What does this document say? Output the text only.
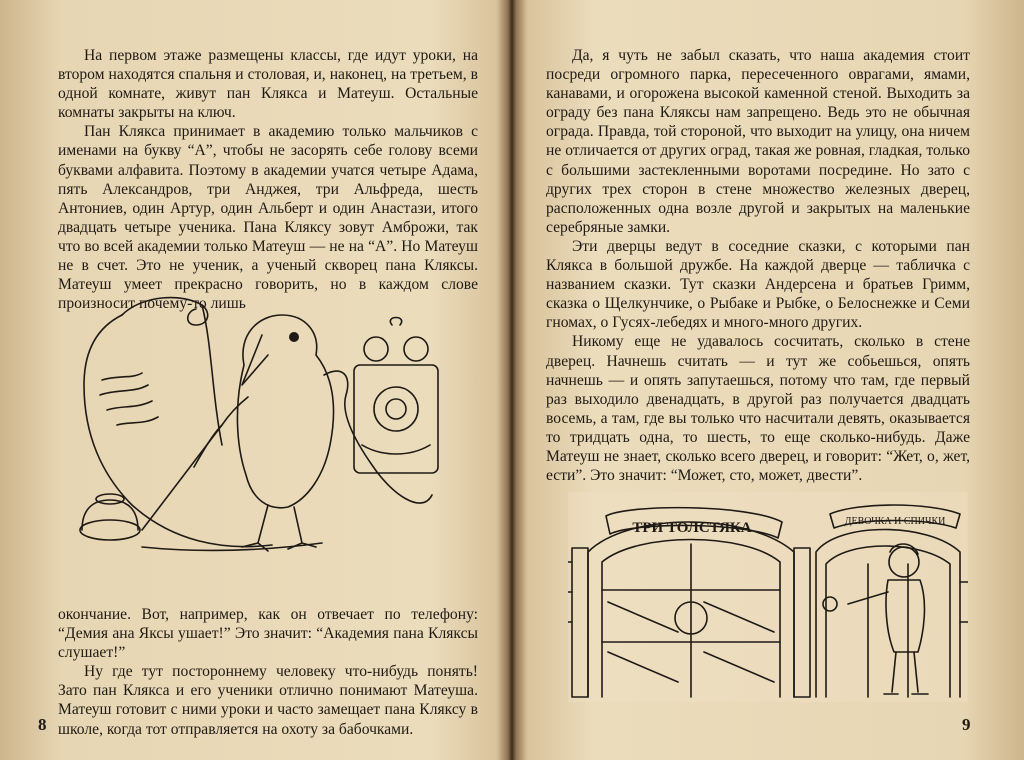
На первом этаже размещены классы, где идут уроки, на втором находятся спальня и столовая, и, наконец, на третьем, в одной комнате, живут пан Клякса и Матеуш. Остальные комнаты закрыты на ключ.

Пан Клякса принимает в академию только мальчиков с именами на букву “А”, чтобы не засорять себе голову всеми буквами алфавита. Поэтому в академии учатся четыре Адама, пять Александров, три Анджея, три Альфреда, шесть Антониев, один Артур, один Альберт и один Анастази, итого двадцать четыре ученика. Пана Кляксу зовут Амброжи, так что во всей академии только Матеуш — не на “А”. Но Матеуш не в счет. Это не ученик, а ученый скворец пана Кляксы. Матеуш умеет прекрасно говорить, но в каждом слове произносит почему-то лишь

окончание. Вот, например, как он отвечает по телефону: “Демия ана Яксы ушает!” Это значит: “Академия пана Кляксы слушает!”

Ну где тут постороннему человеку что-нибудь понять! Зато пан Клякса и его ученики отлично понимают Матеуша. Матеуш готовит с ними уроки и часто замещает пана Кляксу в школе, когда тот отправляется на охоту за бабочками.

8

Да, я чуть не забыл сказать, что наша академия стоит посреди огромного парка, пересеченного оврагами, ямами, канавами, и огорожена высокой каменной стеной. Выходить за ограду без пана Кляксы нам запрещено. Ведь это не обычная ограда. Правда, той стороной, что выходит на улицу, она ничем не отличается от других оград, такая же ровная, гладкая, только с большими застекленными воротами посредине. Но зато с других трех сторон в стене множество железных дверец, расположенных одна возле другой и закрытых на маленькие серебряные замки.

Эти дверцы ведут в соседние сказки, с которыми пан Клякса в большой дружбе. На каждой дверце — табличка с названием сказки. Тут сказки Андерсена и братьев Гримм, сказка о Щелкунчике, о Рыбаке и Рыбке, о Белоснежке и Семи гномах, о Гусях-лебедях и много-много других.

Никому еще не удавалось сосчитать, сколько в стене дверец. Начнешь считать — и тут же собьешься, опять начнешь — и опять запутаешься, потому что там, где первый раз выходило двенадцать, в другой раз получается двадцать восемь, а там, где вы только что насчитали девять, оказывается то тридцать одна, то шесть, то еще сколько-нибудь. Даже Матеуш не знает, сколько всего дверец, и говорит: “Жет, о, жет, ести”. Это значит: “Может, сто, может, двести”.

ТРИ ТОЛСТЯКА	ДЕВОЧКА И СПИЧКИ
9
